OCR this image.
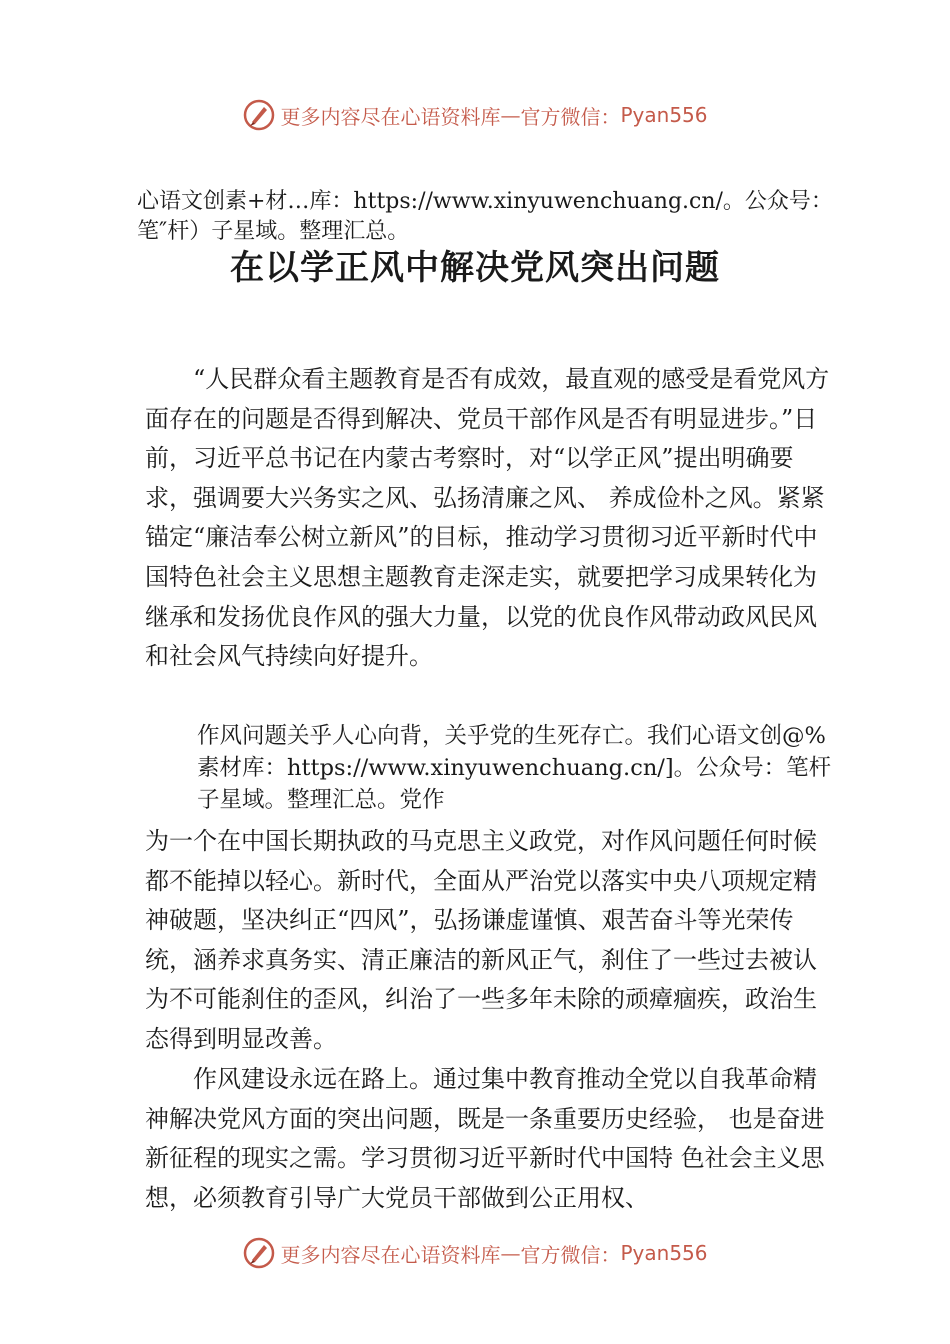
更多内容尽在心语资料库 — 官方微信： Pyan556
心语文创素+材…库：https://www.xinyuwenchuang.cn/。公众号：笔″杆）子星域。整理汇总。
在以学正风中解决党风突出问题
“人民群众看主题教育是否有成效，最直观的感受是看党风方面存在的问题是否得到解决、党员干部作风是否有明显进步。”日前，习近平总书记在内蒙古考察时，对“以学正风”提出明确要求，强调要大兴务实之风、弘扬清廉之风、 养成俭朴之风。紧紧锚定“廉洁奉公树立新风”的目标，推动学习贯彻习近平新时代中国特色社会主义思想主题教育走深走实，就要把学习成果转化为继承和发扬优良作风的强大力量，以党的优良作风带动政风民风和社会风气持续向好提升。
作风问题关乎人心向背，关乎党的生死存亡。我们心语文创@%素材库：https://www.xinyuwenchuang.cn/]。公众号：笔杆子星域。整理汇总。党作
为一个在中国长期执政的马克思主义政党，对作风问题任何时候都不能掉以轻心。新时代，全面从严治党以落实中央八项规定精神破题，坚决纠正“四风”，弘扬谦虚谨慎、艰苦奋斗等光荣传统，涵养求真务实、清正廉洁的新风正气，刹住了一些过去被认为不可能刹住的歪风，纠治了一些多年未除的顽瘴痼疾，政治生态得到明显改善。
作风建设永远在路上。通过集中教育推动全党以自我革命精神解决党风方面的突出问题，既是一条重要历史经验， 也是奋进新征程的现实之需。学习贯彻习近平新时代中国特 色社会主义思想，必须教育引导广大党员干部做到公正用权、
更多内容尽在心语资料库 — 官方微信： Pyan556
